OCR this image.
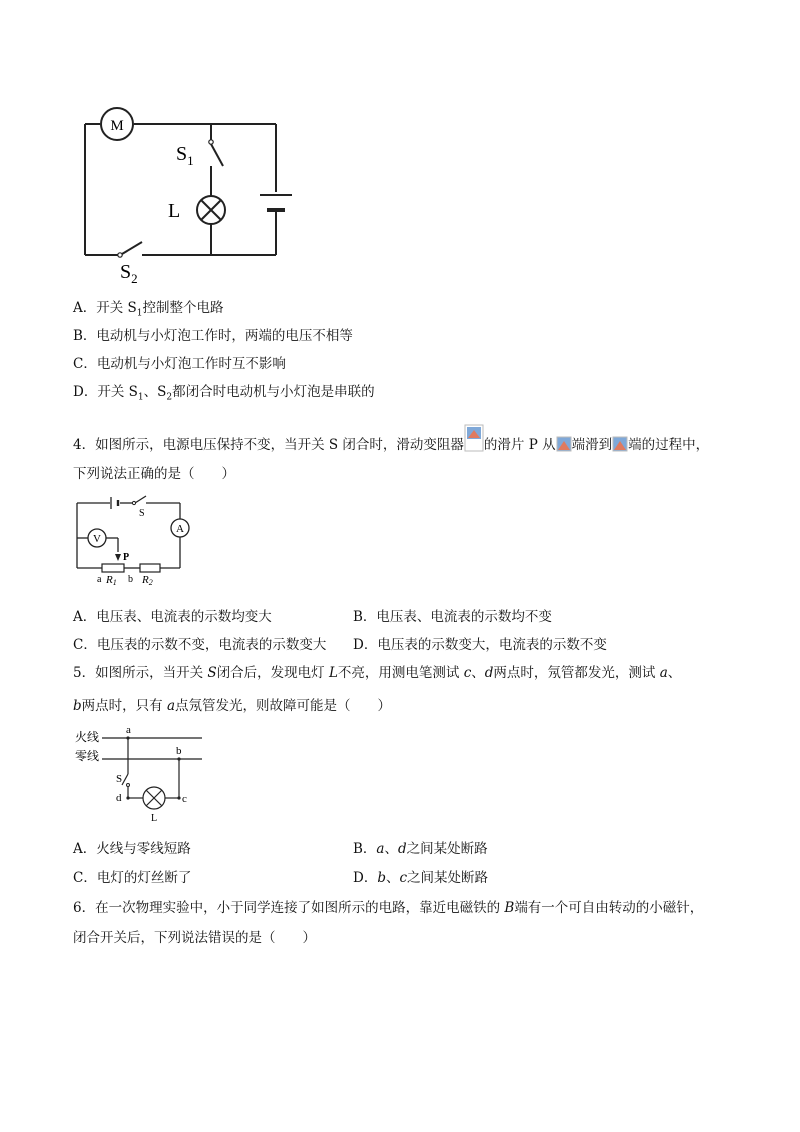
M
$S_1$
L
$S_2$
A．开关 $S_1$控制整个电路
B．电动机与小灯泡工作时，两端的电压不相等
C．电动机与小灯泡工作时互不影响
D．开关 $S_1$、$S_2$都闭合时电动机与小灯泡是串联的
4．如图所示，电源电压保持不变，当开关 S 闭合时，滑动变阻器 的滑片 P 从 端滑到 端的过程中，
下列说法正确的是（　　）
S
A
V
P
a R1 b R2
A．电压表、电流表的示数均变大	B．电压表、电流表的示数均不变
C．电压表的示数不变，电流表的示数变大 D．电压表的示数变大，电流表的示数不变
5．如图所示，当开关 S闭合后，发现电灯 L不亮，用测电笔测试 c、d两点时，氖管都发光，测试 a、
b两点时，只有 a点氖管发光，则故障可能是（　　）
火线
零线
S
a
b
d	c
L
A．火线与零线短路	B．a、d之间某处断路
C．电灯的灯丝断了	D．b、c之间某处断路
6．在一次物理实验中，小于同学连接了如图所示的电路，靠近电磁铁的 B端有一个可自由转动的小磁针，
闭合开关后，下列说法错误的是（　　）
